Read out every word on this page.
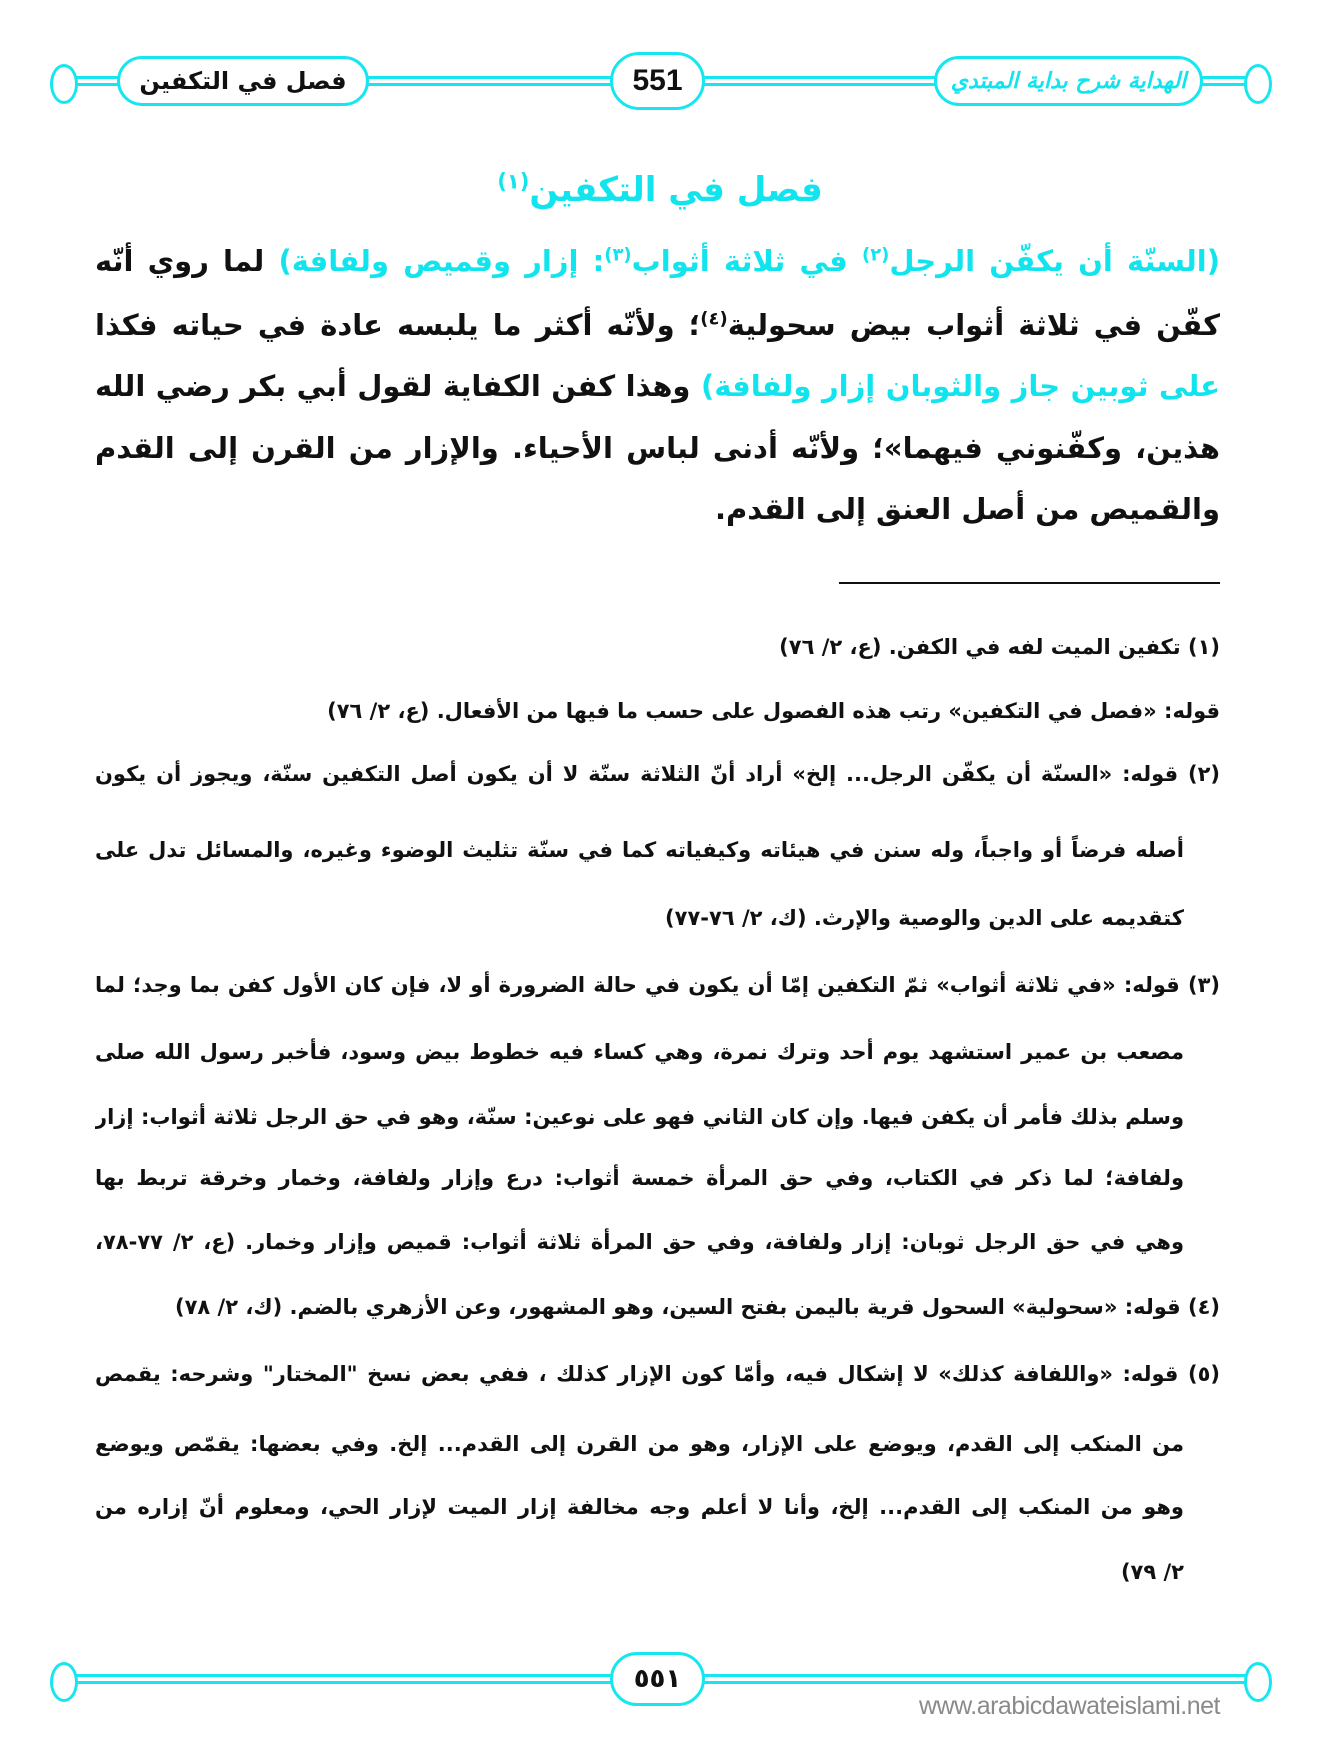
فصل في التكفين	551	الهداية شرح بداية المبتدي
فصل في التكفين$^{(١)}$
(السنّة أن يكفّن الرجل$^{(٢)}$ في ثلاثة أثواب$^{(٣)}$: إزار وقميص ولفافة) لما روي أنّه
كفّن في ثلاثة أثواب بيض سحولية$^{(٤)}$؛ ولأنّه أكثر ما يلبسه عادة في حياته فكذا
على ثوبين جاز والثوبان إزار ولفافة) وهذا كفن الكفاية لقول أبي بكر رضي الله
هذين، وكفّنوني فيهما»؛ ولأنّه أدنى لباس الأحياء. والإزار من القرن إلى القدم
والقميص من أصل العنق إلى القدم.
(١) تكفين الميت لفه في الكفن. (ع، ٢/ ٧٦)
قوله: «فصل في التكفين» رتب هذه الفصول على حسب ما فيها من الأفعال. (ع، ٢/ ٧٦)
(٢) قوله: «السنّة أن يكفّن الرجل... إلخ» أراد أنّ الثلاثة سنّة لا أن يكون أصل التكفين سنّة، ويجوز أن يكون
أصله فرضاً أو واجباً، وله سنن في هيئاته وكيفياته كما في سنّة تثليث الوضوء وغيره، والمسائل تدل على
كتقديمه على الدين والوصية والإرث. (ك، ٢/ ٧٦-٧٧)
(٣) قوله: «في ثلاثة أثواب» ثمّ التكفين إمّا أن يكون في حالة الضرورة أو لا، فإن كان الأول كفن بما وجد؛ لما
مصعب بن عمير استشهد يوم أحد وترك نمرة، وهي كساء فيه خطوط بيض وسود، فأخبر رسول الله صلى
وسلم بذلك فأمر أن يكفن فيها. وإن كان الثاني فهو على نوعين: سنّة، وهو في حق الرجل ثلاثة أثواب: إزار
ولفافة؛ لما ذكر في الكتاب، وفي حق المرأة خمسة أثواب: درع وإزار ولفافة، وخمار وخرقة تربط بها
وهي في حق الرجل ثوبان: إزار ولفافة، وفي حق المرأة ثلاثة أثواب: قميص وإزار وخمار. (ع، ٢/ ٧٧-٧٨،
(٤) قوله: «سحولية» السحول قرية باليمن بفتح السين، وهو المشهور، وعن الأزهري بالضم. (ك، ٢/ ٧٨)
(٥) قوله: «واللفافة كذلك» لا إشكال فيه، وأمّا كون الإزار كذلك ، ففي بعض نسخ "المختار" وشرحه: يقمص
من المنكب إلى القدم، ويوضع على الإزار، وهو من القرن إلى القدم... إلخ. وفي بعضها: يقمّص ويوضع
وهو من المنكب إلى القدم... إلخ، وأنا لا أعلم وجه مخالفة إزار الميت لإزار الحي، ومعلوم أنّ إزاره من
٢/ ٧٩)
٥٥١
www.arabicdawateislami.net
